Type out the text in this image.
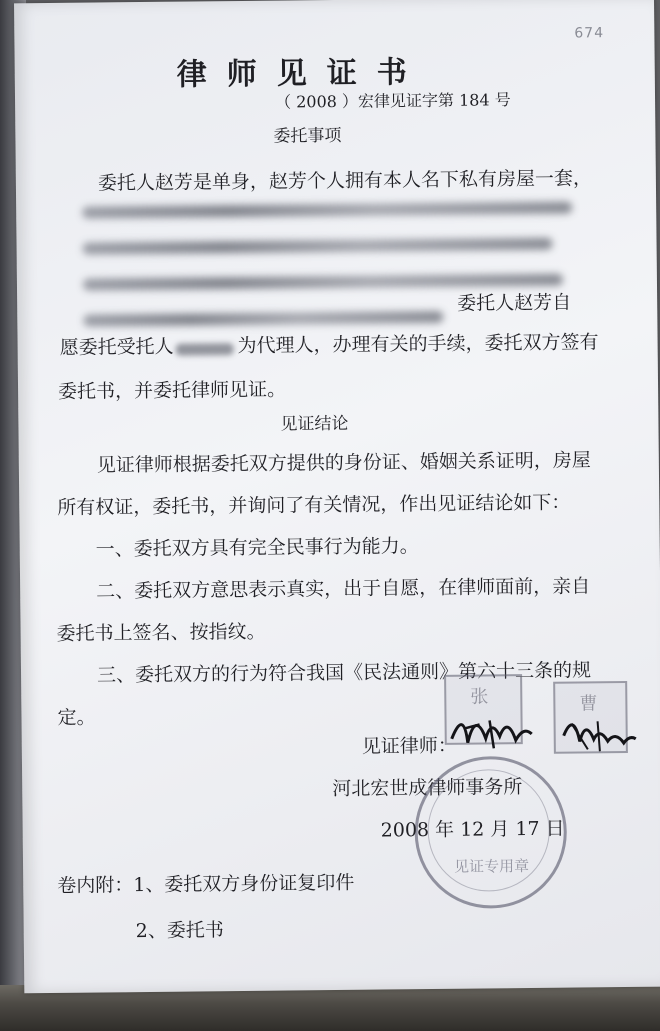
674
律师见证书
（ 2008 ）宏律见证字第 184 号
委托事项
委托人赵芳是单身，赵芳个人拥有本人名下私有房屋一套，
委托人赵芳自
愿委托受托人	为代理人，办理有关的手续，委托双方签有
委托书，并委托律师见证。
见证结论
见证律师根据委托双方提供的身份证、婚姻关系证明，房屋
所有权证，委托书，并询问了有关情况，作出见证结论如下：
一、委托双方具有完全民事行为能力。
二、委托双方意思表示真实，出于自愿，在律师面前，亲自
委托书上签名、按指纹。
三、委托双方的行为符合我国《民法通则》第六十三条的规
定。
张	曹
见证律师：
河北宏世成律师事务所
见证专用章
2008 年 12 月 17 日
卷内附：1、委托双方身份证复印件
2、委托书
